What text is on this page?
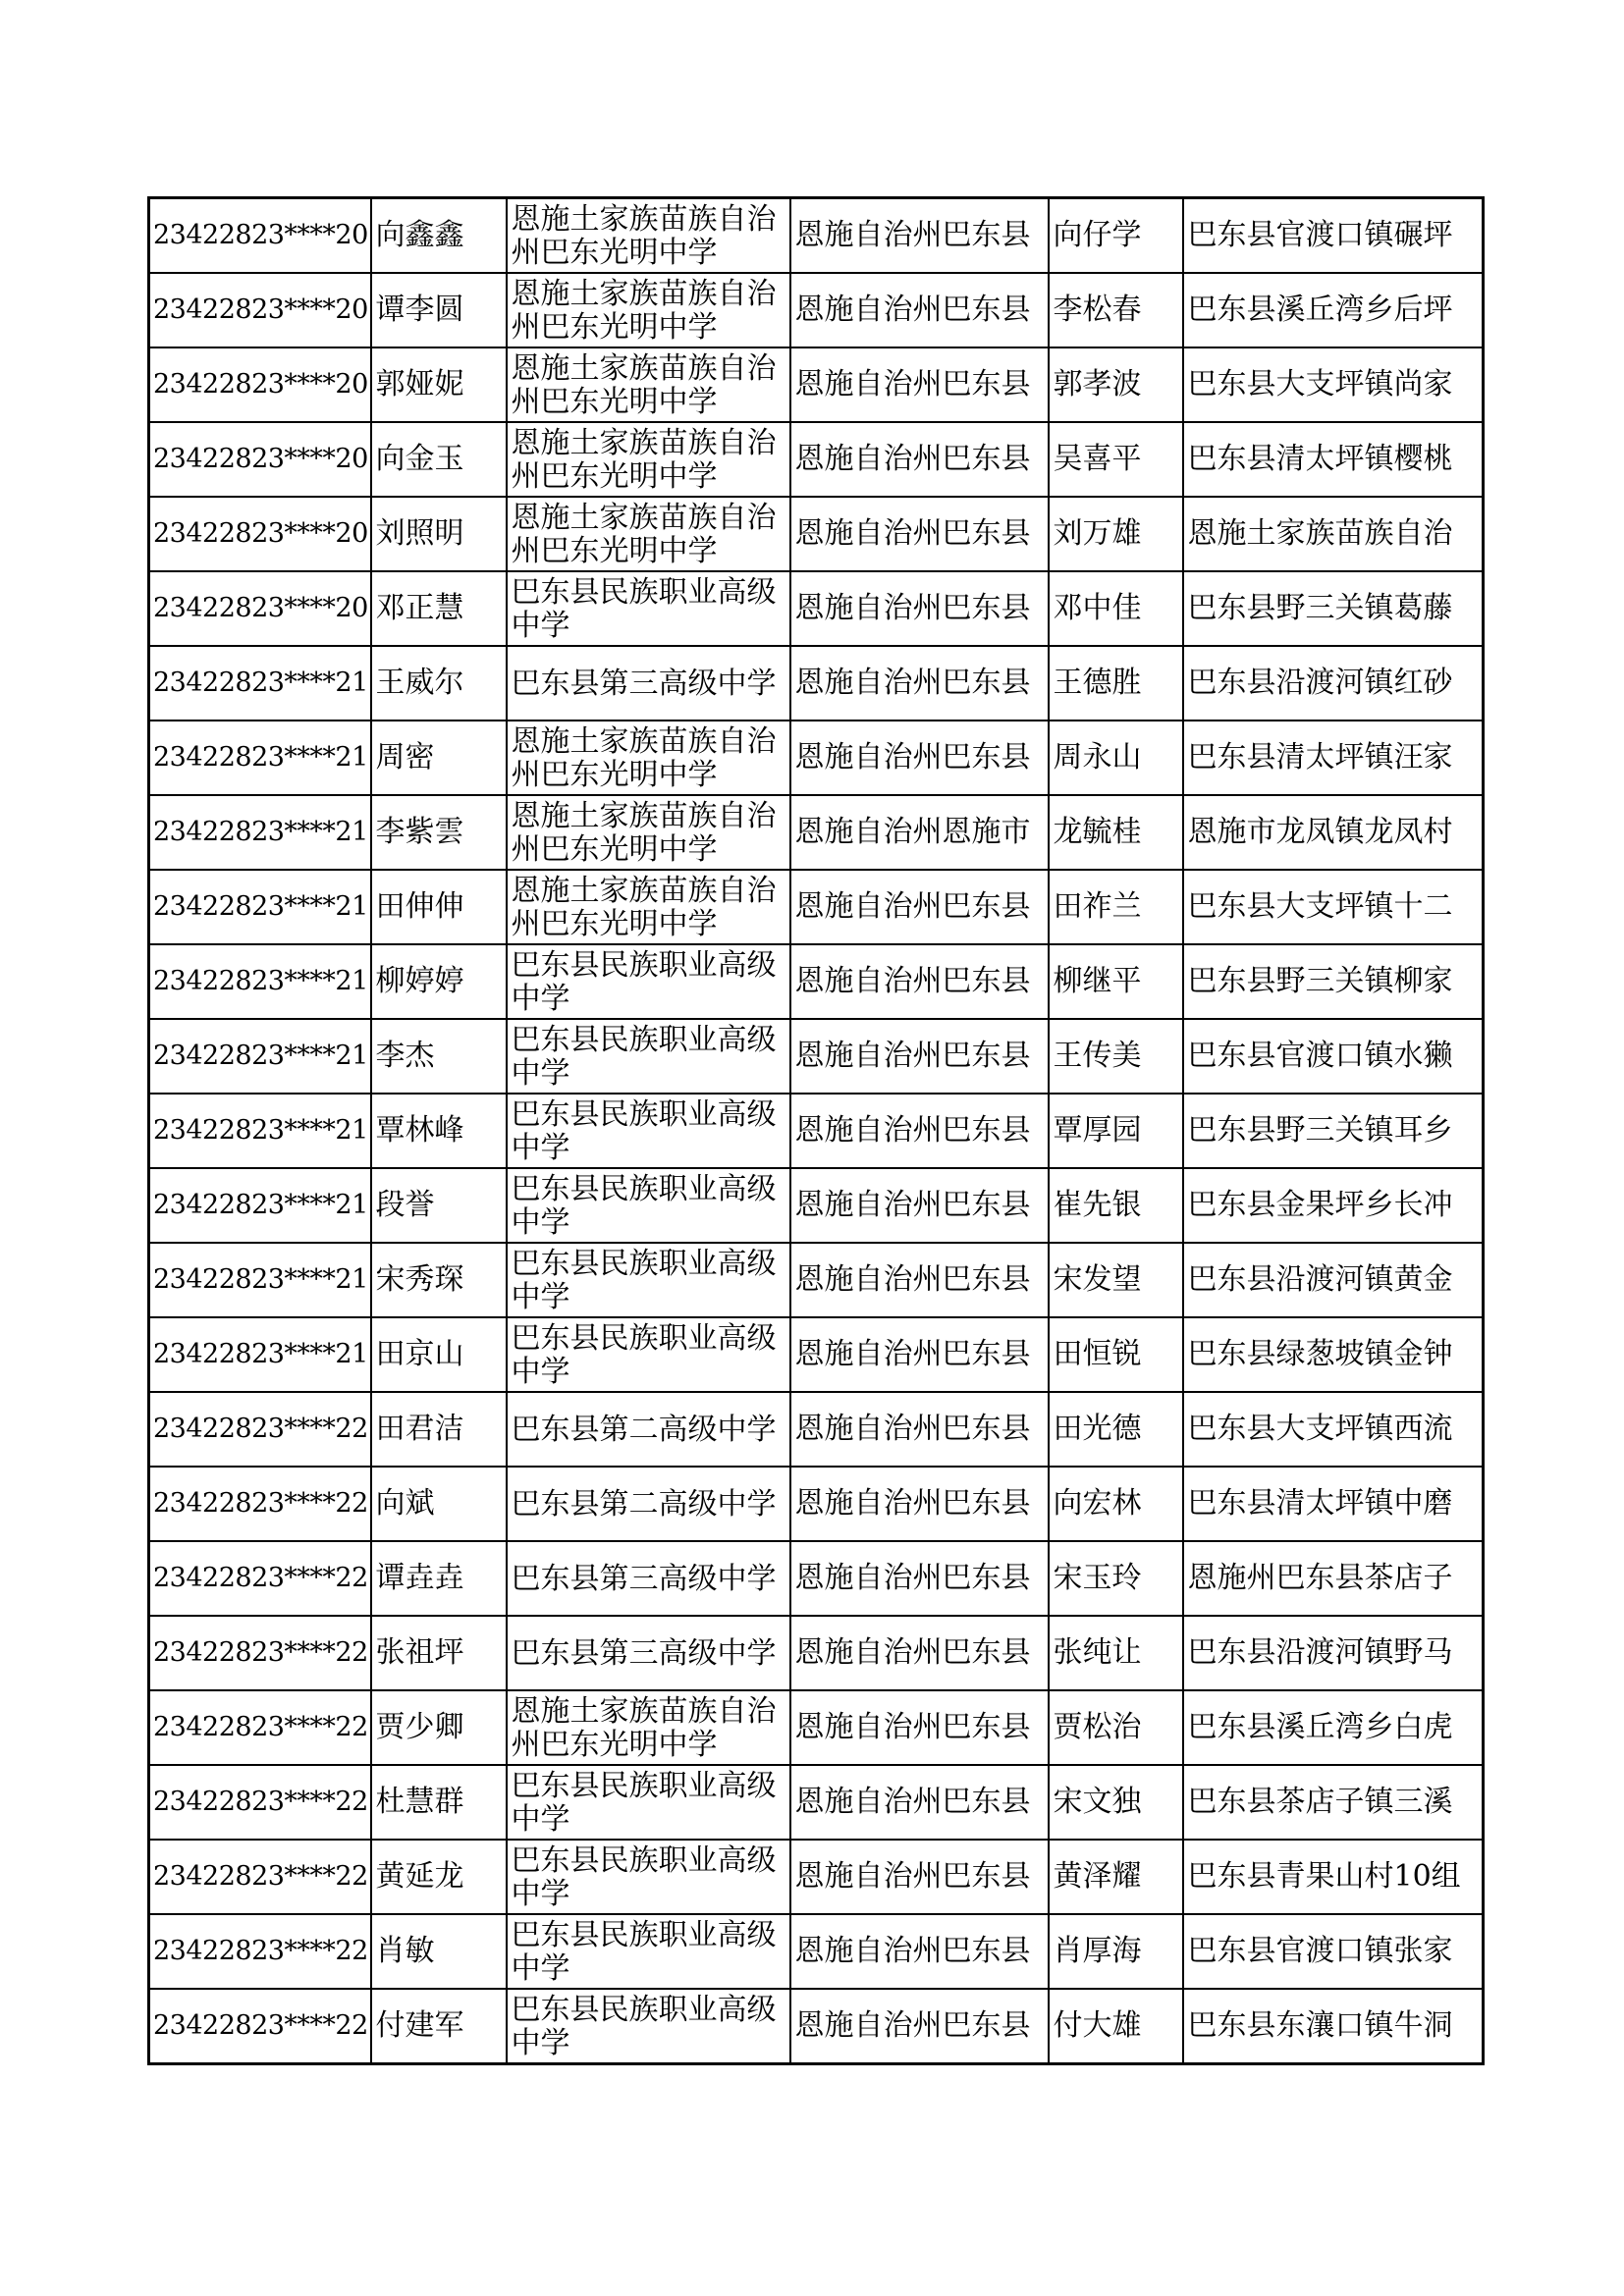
23422823****20	向鑫鑫	恩施土家族苗族自治
州巴东光明中学	恩施自治州巴东县	向仔学	巴东县官渡口镇碾坪
23422823****20	谭李圆	恩施土家族苗族自治
州巴东光明中学	恩施自治州巴东县	李松春	巴东县溪丘湾乡后坪
23422823****20	郭娅妮	恩施土家族苗族自治
州巴东光明中学	恩施自治州巴东县	郭孝波	巴东县大支坪镇尚家
23422823****20	向金玉	恩施土家族苗族自治
州巴东光明中学	恩施自治州巴东县	吴喜平	巴东县清太坪镇樱桃
23422823****20	刘照明	恩施土家族苗族自治
州巴东光明中学	恩施自治州巴东县	刘万雄	恩施土家族苗族自治
23422823****20	邓正慧	巴东县民族职业高级
中学	恩施自治州巴东县	邓中佳	巴东县野三关镇葛藤
23422823****21	王威尔	巴东县第三高级中学	恩施自治州巴东县	王德胜	巴东县沿渡河镇红砂
23422823****21	周密	恩施土家族苗族自治
州巴东光明中学	恩施自治州巴东县	周永山	巴东县清太坪镇汪家
23422823****21	李紫雲	恩施土家族苗族自治
州巴东光明中学	恩施自治州恩施市	龙毓桂	恩施市龙凤镇龙凤村
23422823****21	田伸伸	恩施土家族苗族自治
州巴东光明中学	恩施自治州巴东县	田祚兰	巴东县大支坪镇十二
23422823****21	柳婷婷	巴东县民族职业高级
中学	恩施自治州巴东县	柳继平	巴东县野三关镇柳家
23422823****21	李杰	巴东县民族职业高级
中学	恩施自治州巴东县	王传美	巴东县官渡口镇水獭
23422823****21	覃林峰	巴东县民族职业高级
中学	恩施自治州巴东县	覃厚园	巴东县野三关镇耳乡
23422823****21	段誉	巴东县民族职业高级
中学	恩施自治州巴东县	崔先银	巴东县金果坪乡长冲
23422823****21	宋秀琛	巴东县民族职业高级
中学	恩施自治州巴东县	宋发望	巴东县沿渡河镇黄金
23422823****21	田京山	巴东县民族职业高级
中学	恩施自治州巴东县	田恒锐	巴东县绿葱坡镇金钟
23422823****22	田君洁	巴东县第二高级中学	恩施自治州巴东县	田光德	巴东县大支坪镇西流
23422823****22	向斌	巴东县第二高级中学	恩施自治州巴东县	向宏林	巴东县清太坪镇中磨
23422823****22	谭垚垚	巴东县第三高级中学	恩施自治州巴东县	宋玉玲	恩施州巴东县茶店子
23422823****22	张祖坪	巴东县第三高级中学	恩施自治州巴东县	张纯让	巴东县沿渡河镇野马
23422823****22	贾少卿	恩施土家族苗族自治
州巴东光明中学	恩施自治州巴东县	贾松治	巴东县溪丘湾乡白虎
23422823****22	杜慧群	巴东县民族职业高级
中学	恩施自治州巴东县	宋文独	巴东县茶店子镇三溪
23422823****22	黄延龙	巴东县民族职业高级
中学	恩施自治州巴东县	黄泽耀	巴东县青果山村10组
23422823****22	肖敏	巴东县民族职业高级
中学	恩施自治州巴东县	肖厚海	巴东县官渡口镇张家
23422823****22	付建军	巴东县民族职业高级
中学	恩施自治州巴东县	付大雄	巴东县东瀼口镇牛洞
